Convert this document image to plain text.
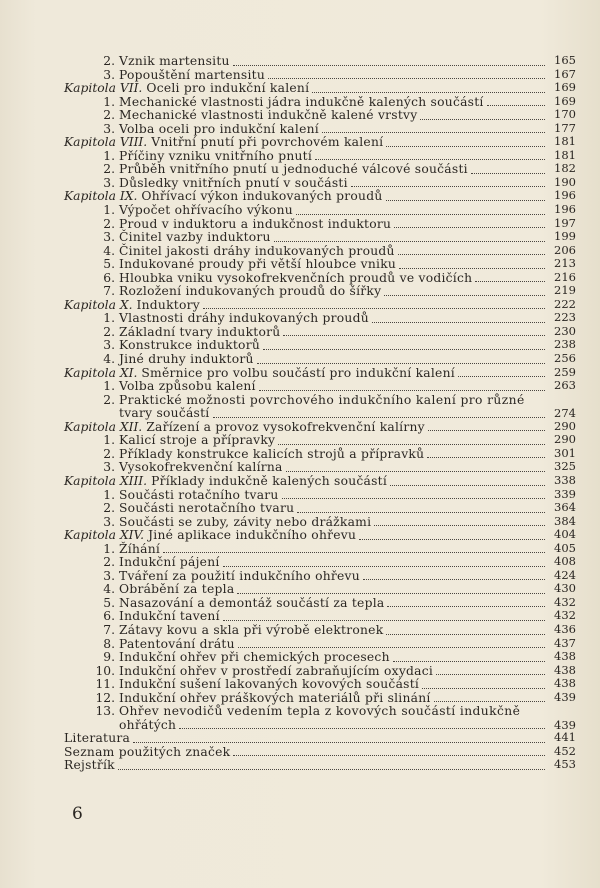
2. Vznik martensitu	165
3. Popouštění martensitu	167
Kapitola VII. Oceli pro indukční kalení	169
1. Mechanické vlastnosti jádra indukčně kalených součástí	169
2. Mechanické vlastnosti indukčně kalené vrstvy	170
3. Volba oceli pro indukční kalení	177
Kapitola VIII. Vnitřní pnutí při povrchovém kalení	181
1. Příčiny vzniku vnitřního pnutí	181
2. Průběh vnitřního pnutí u jednoduché válcové součásti	182
3. Důsledky vnitřních pnutí v součásti	190
Kapitola IX. Ohřívací výkon indukovaných proudů	196
1. Výpočet ohřívacího výkonu	196
2. Proud v induktoru a indukčnost induktoru	197
3. Činitel vazby induktoru	199
4. Činitel jakosti dráhy indukovaných proudů	206
5. Indukované proudy při větší hloubce vniku	213
6. Hloubka vniku vysokofrekvenčních proudů ve vodičích	216
7. Rozložení indukovaných proudů do šířky	219
Kapitola X. Induktory	222
1. Vlastnosti dráhy indukovaných proudů	223
2. Základní tvary induktorů	230
3. Konstrukce induktorů	238
4. Jiné druhy induktorů	256
Kapitola XI. Směrnice pro volbu součástí pro indukční kalení	259
1. Volba způsobu kalení	263
2. Praktické možnosti povrchového indukčního kalení pro různé
tvary součástí	274
Kapitola XII. Zařízení a provoz vysokofrekvenční kalírny	290
1. Kalicí stroje a přípravky	290
2. Příklady konstrukce kalicích strojů a přípravků	301
3. Vysokofrekvenční kalírna	325
Kapitola XIII. Příklady indukčně kalených součástí	338
1. Součásti rotačního tvaru	339
2. Součásti nerotačního tvaru	364
3. Součásti se zuby, závity nebo drážkami	384
Kapitola XIV. Jiné aplikace indukčního ohřevu	404
1. Žíhání	405
2. Indukční pájení	408
3. Tváření za použití indukčního ohřevu	424
4. Obrábění za tepla	430
5. Nasazování a demontáž součástí za tepla	432
6. Indukční tavení	432
7. Zátavy kovu a skla při výrobě elektronek	436
8. Patentování drátu	437
9. Indukční ohřev při chemických procesech	438
10. Indukční ohřev v prostředí zabraňujícím oxydaci	438
11. Indukční sušení lakovaných kovových součástí	438
12. Indukční ohřev práškových materiálů při slinání	439
13. Ohřev nevodičů vedením tepla z kovových součástí indukčně
ohřátých	439
Literatura	441
Seznam použitých značek	452
Rejstřík	453
6
